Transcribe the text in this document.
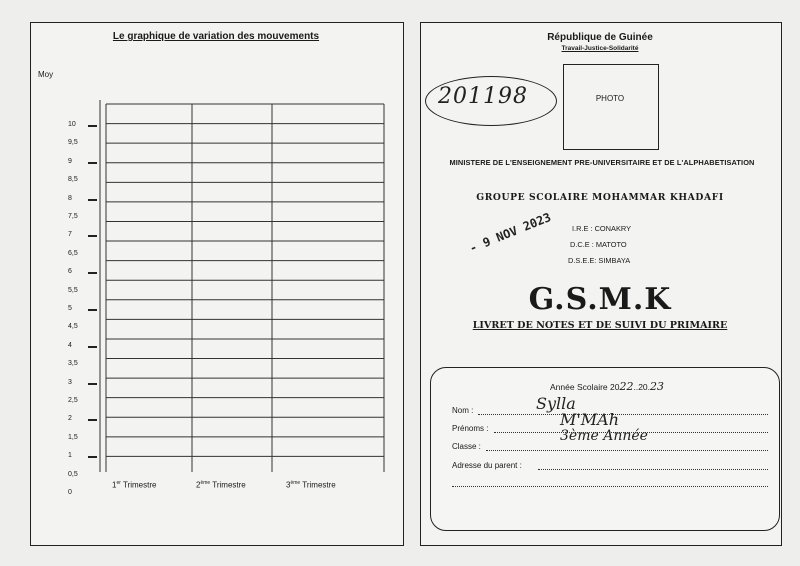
Le graphique de variation des mouvements
Moy
10
9,5
9
8,5
8
7,5
7
6,5
6
5,5
5
4,5
4
3,5
3
2,5
2
1,5
1
0,5
0
1er Trimestre	2ème Trimestre	3ème Trimestre
République de Guinée
Travail-Justice-Solidarité
201198	PHOTO
MINISTERE DE L'ENSEIGNEMENT PRE-UNIVERSITAIRE ET DE L'ALPHABETISATION
GROUPE SCOLAIRE MOHAMMAR KHADAFI
I.R.E : CONAKRY
D.C.E : MATOTO
D.S.E.E: SIMBAYA
- 9 NOV 2023
G.S.M.K
LIVRET DE NOTES ET DE SUIVI DU PRIMAIRE
Année Scolaire 2022..20.23
Nom :	Sylla
Prénoms :	M'MAh
Classe :
3ème Année
Adresse du parent :
